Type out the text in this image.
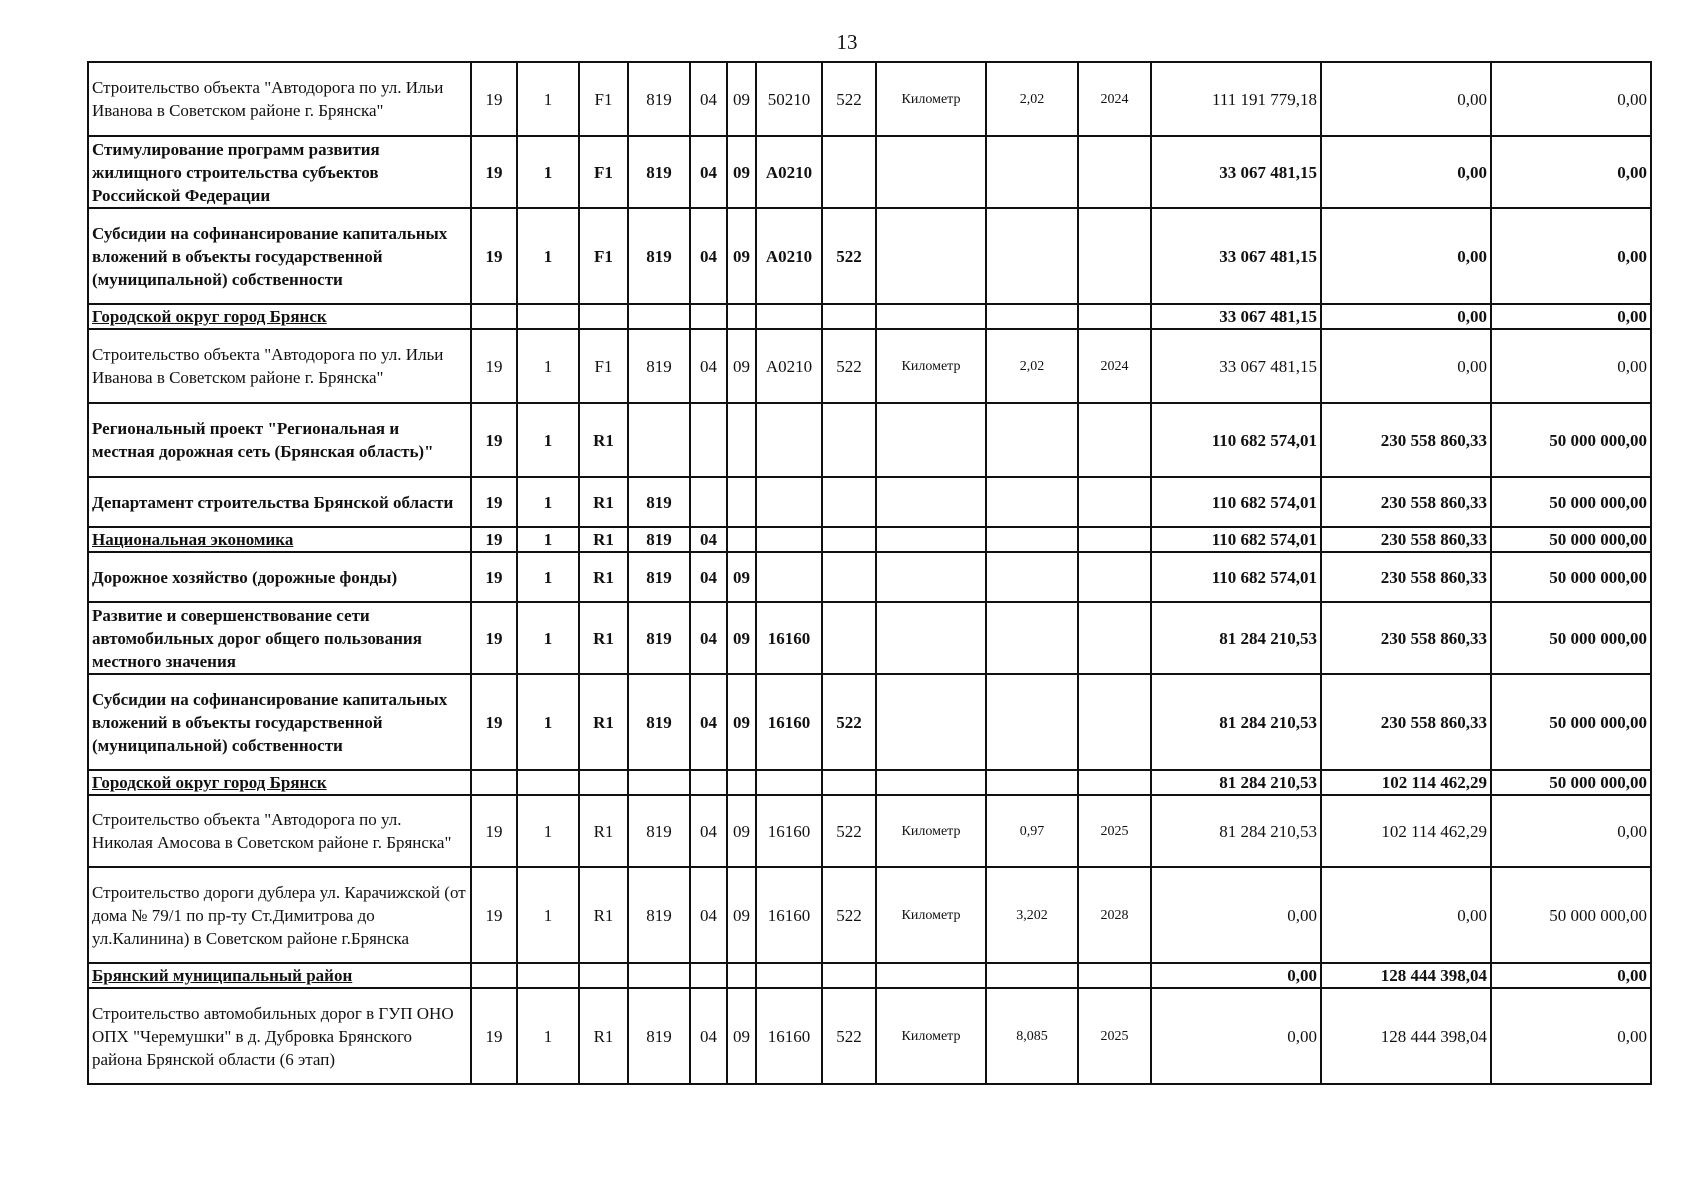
13
Строительство объекта "Автодорога по ул. Ильи Иванова в Советском районе г. Брянска"	19	1	F1	819	04	09	50210	522	Километр	2,02	2024	111 191 779,18	0,00	0,00
Стимулирование программ развития жилищного строительства субъектов Российской Федерации	19	1	F1	819	04	09	А0210					33 067 481,15	0,00	0,00
Субсидии на софинансирование капитальных вложений в объекты государственной (муниципальной) собственности	19	1	F1	819	04	09	А0210	522				33 067 481,15	0,00	0,00
Городской округ город Брянск												33 067 481,15	0,00	0,00
Строительство объекта "Автодорога по ул. Ильи Иванова в Советском районе г. Брянска"	19	1	F1	819	04	09	А0210	522	Километр	2,02	2024	33 067 481,15	0,00	0,00
Региональный проект "Региональная и местная дорожная сеть (Брянская область)"	19	1	R1									110 682 574,01	230 558 860,33	50 000 000,00
Департамент строительства Брянской области	19	1	R1	819								110 682 574,01	230 558 860,33	50 000 000,00
Национальная экономика	19	1	R1	819	04							110 682 574,01	230 558 860,33	50 000 000,00
Дорожное хозяйство (дорожные фонды)	19	1	R1	819	04	09						110 682 574,01	230 558 860,33	50 000 000,00
Развитие и совершенствование сети автомобильных дорог общего пользования местного значения	19	1	R1	819	04	09	16160					81 284 210,53	230 558 860,33	50 000 000,00
Субсидии на софинансирование капитальных вложений в объекты государственной (муниципальной) собственности	19	1	R1	819	04	09	16160	522				81 284 210,53	230 558 860,33	50 000 000,00
Городской округ город Брянск												81 284 210,53	102 114 462,29	50 000 000,00
Строительство объекта "Автодорога по ул. Николая Амосова в Советском районе г. Брянска"	19	1	R1	819	04	09	16160	522	Километр	0,97	2025	81 284 210,53	102 114 462,29	0,00
Строительство дороги дублера ул. Карачижской (от дома № 79/1 по пр-ту Ст.Димитрова до ул.Калинина) в Советском районе г.Брянска	19	1	R1	819	04	09	16160	522	Километр	3,202	2028	0,00	0,00	50 000 000,00
Брянский муниципальный район												0,00	128 444 398,04	0,00
Строительство автомобильных дорог в ГУП ОНО ОПХ "Черемушки" в д. Дубровка Брянского района Брянской области (6 этап)	19	1	R1	819	04	09	16160	522	Километр	8,085	2025	0,00	128 444 398,04	0,00
